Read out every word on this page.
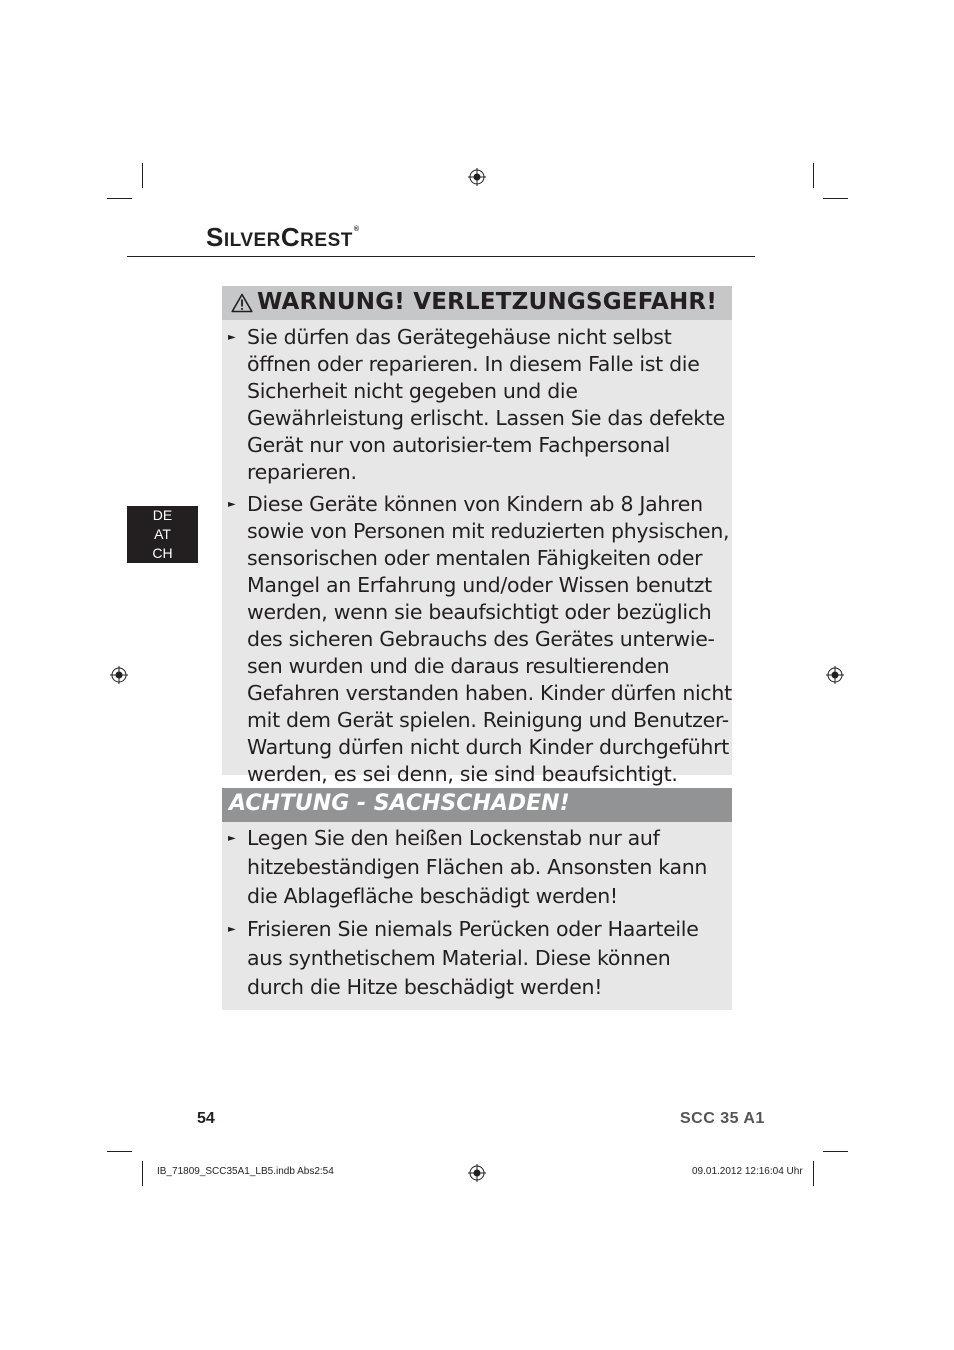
SILVERCREST®
DE
AT
CH
WARNUNG! VERLETZUNGSGEFAHR!
► Sie dürfen das Gerätegehäuse nicht selbst öffnen oder reparieren. In diesem Falle ist die Sicherheit nicht gegeben und die Gewährleistung erlischt. Lassen Sie das defekte Gerät nur von autorisier-tem Fachpersonal reparieren.

► Diese Geräte können von Kindern ab 8 Jahren sowie von Personen mit reduzierten physischen, sensorischen oder mentalen Fähigkeiten oder Mangel an Erfahrung und/oder Wissen benutzt werden, wenn sie beaufsichtigt oder bezüglich des sicheren Gebrauchs des Gerätes unterwie-sen wurden und die daraus resultierenden Gefahren verstanden haben. Kinder dürfen nicht mit dem Gerät spielen. Reinigung und Benutzer-Wartung dürfen nicht durch Kinder durchgeführt werden, es sei denn, sie sind beaufsichtigt.

ACHTUNG - SACHSCHADEN!
► Legen Sie den heißen Lockenstab nur auf hitzebeständigen Flächen ab. Ansonsten kann die Ablagefläche beschädigt werden!

► Frisieren Sie niemals Perücken oder Haarteile aus synthetischem Material. Diese können durch die Hitze beschädigt werden!

54	SCC 35 A1
IB_71809_SCC35A1_LB5.indb Abs2:54	09.01.2012 12:16:04 Uhr
